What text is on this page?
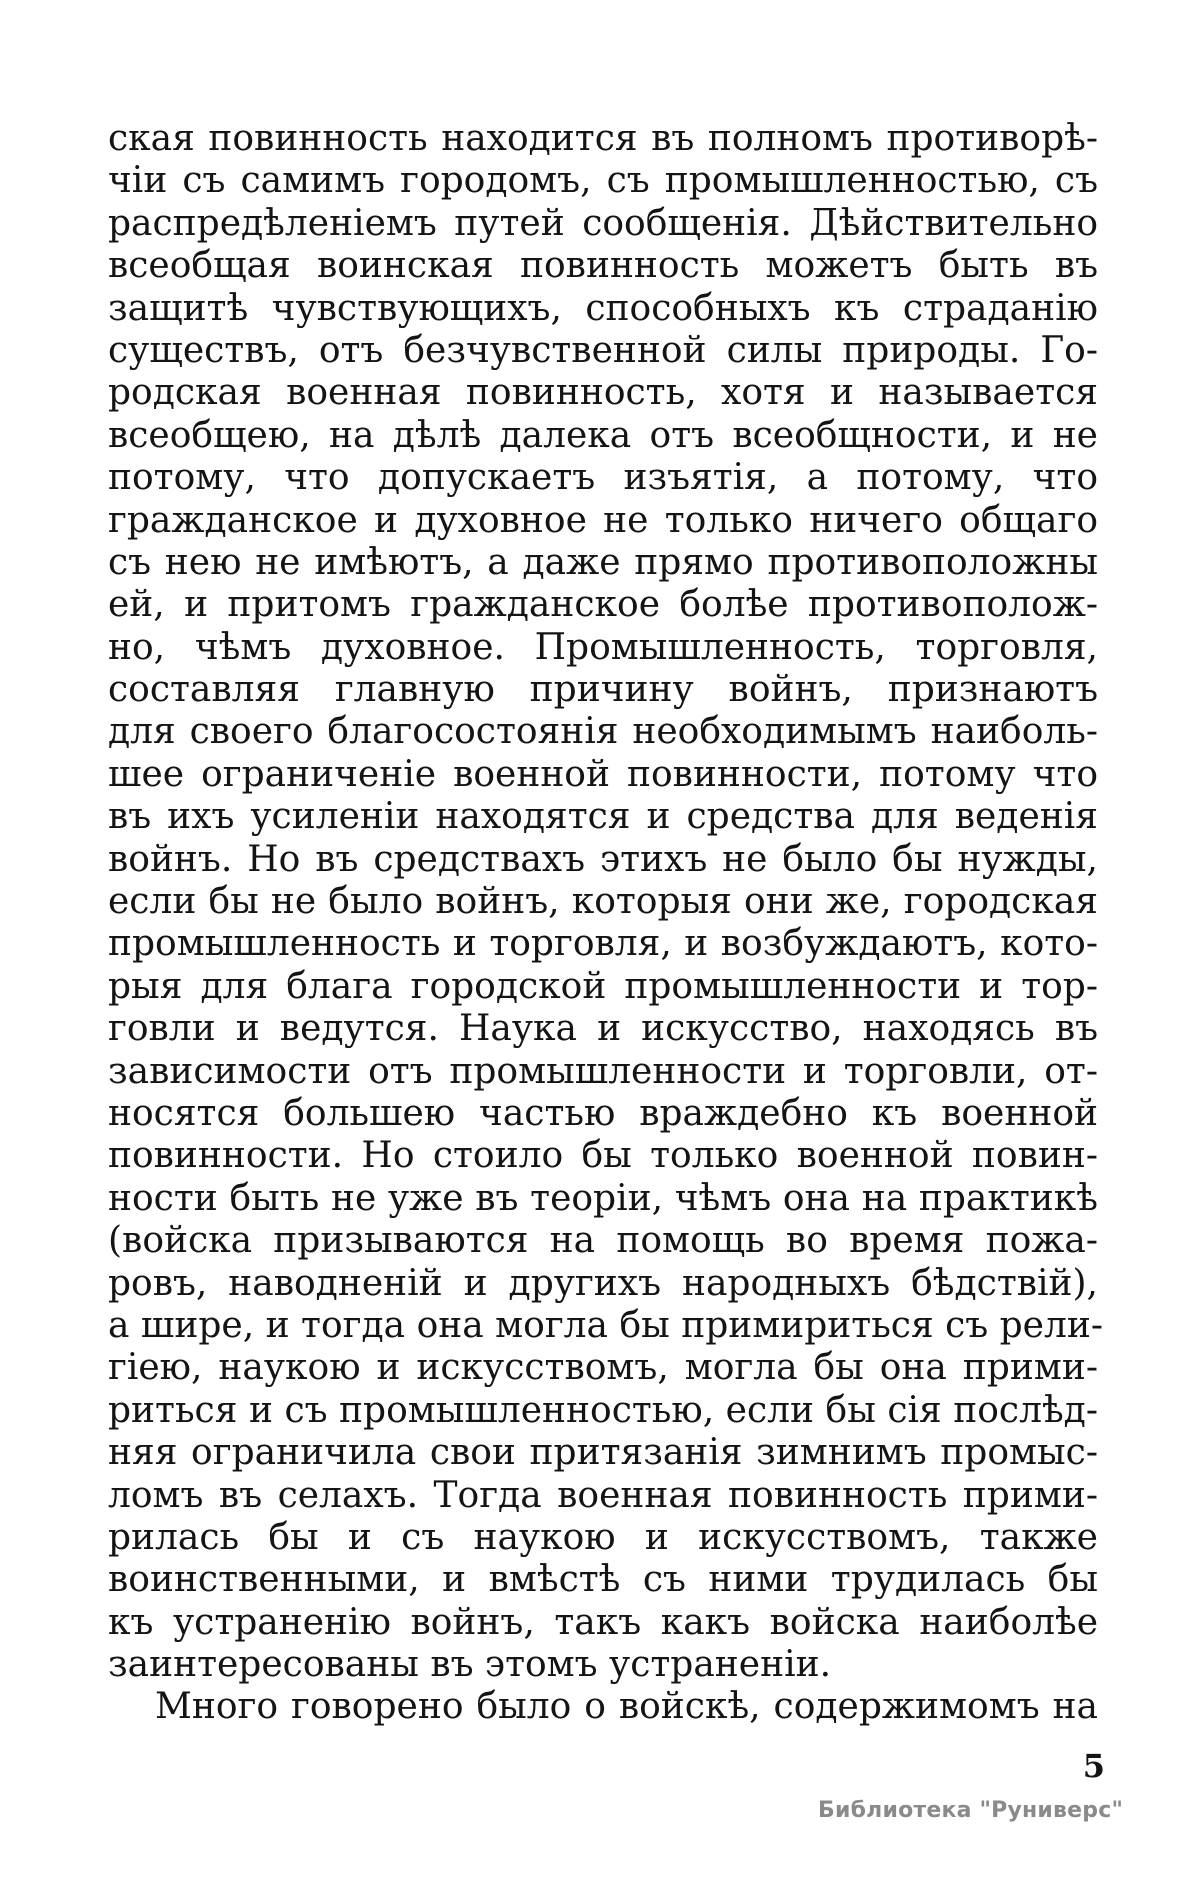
ская повинность находится въ полномъ противорѣ-
чіи съ самимъ городомъ, съ промышленностью, съ
распредѣленіемъ путей сообщенія. Дѣйствительно
всеобщая воинская повинность можетъ быть въ
защитѣ чувствующихъ, способныхъ къ страданію
существъ, отъ безчувственной силы природы. Го-
родская военная повинность, хотя и называется
всеобщею, на дѣлѣ далека отъ всеобщности, и не
потому, что допускаетъ изъятія, а потому, что
гражданское и духовное не только ничего общаго
съ нею не имѣютъ, а даже прямо противоположны
ей, и притомъ гражданское болѣе противополож-
но, чѣмъ духовное. Промышленность, торговля,
составляя главную причину войнъ, признаютъ
для своего благосостоянія необходимымъ наиболь-
шее ограниченіе военной повинности, потому что
въ ихъ усиленіи находятся и средства для веденія
войнъ. Но въ средствахъ этихъ не было бы нужды,
если бы не было войнъ, которыя они же, городская
промышленность и торговля, и возбуждаютъ, кото-
рыя для блага городской промышленности и тор-
говли и ведутся. Наука и искусство, находясь въ
зависимости отъ промышленности и торговли, от-
носятся большею частью враждебно къ военной
повинности. Но стоило бы только военной повин-
ности быть не уже въ теоріи, чѣмъ она на практикѣ
(войска призываются на помощь во время пожа-
ровъ, наводненій и другихъ народныхъ бѣдствій),
а шире, и тогда она могла бы примириться съ рели-
гіею, наукою и искусствомъ, могла бы она прими-
риться и съ промышленностью, если бы сія послѣд-
няя ограничила свои притязанія зимнимъ промыс-
ломъ въ селахъ. Тогда военная повинность прими-
рилась бы и съ наукою и искусствомъ, также
воинственными, и вмѣстѣ съ ними трудилась бы
къ устраненію войнъ, такъ какъ войска наиболѣе
заинтересованы въ этомъ устраненіи.
Много говорено было о войскѣ, содержимомъ на
5
Библиотека "Руниверс"
